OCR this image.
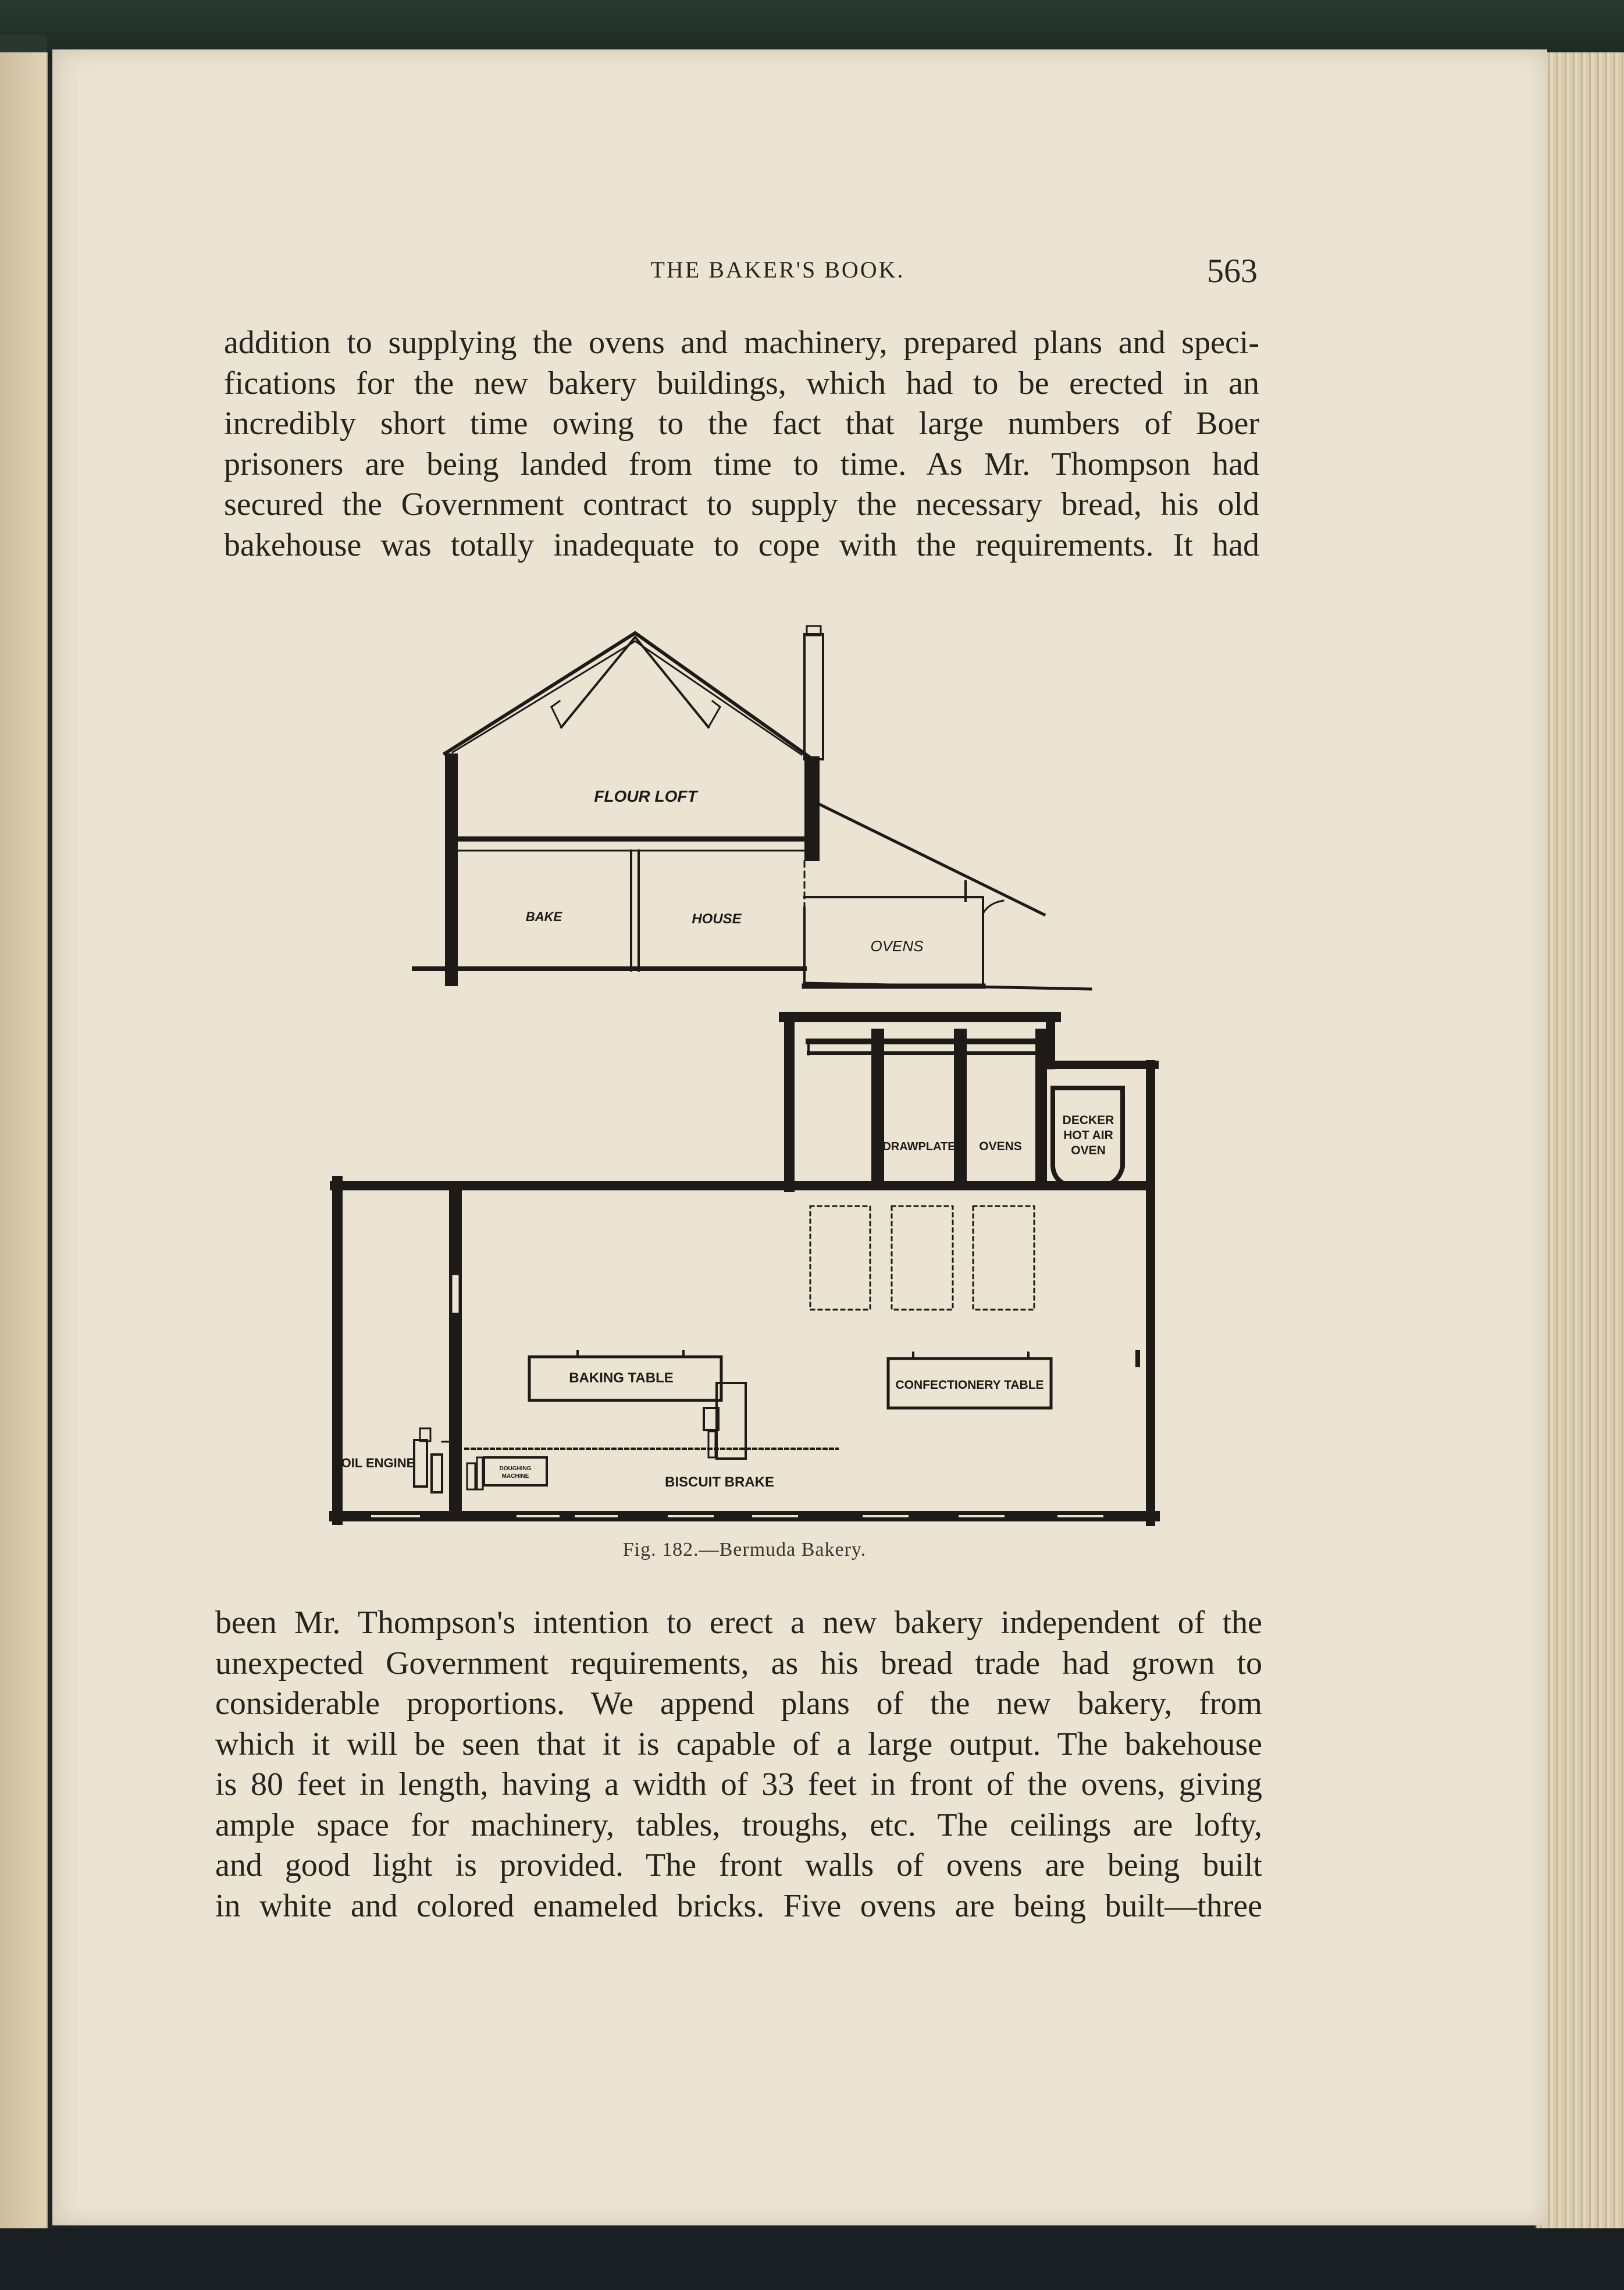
THE BAKER'S BOOK.	563
addition to supplying the ovens and machinery, prepared plans and speci-
fications for the new bakery buildings, which had to be erected in an
incredibly short time owing to the fact that large numbers of Boer
prisoners are being landed from time to time. As Mr. Thompson had
secured the Government contract to supply the necessary bread, his old
bakehouse was totally inadequate to cope with the requirements. It had
FLOUR LOFT
BAKE	HOUSE
OVENS
DRAWPLATE OVENS
DECKER
HOT AIR
OVEN
BAKING TABLE	CONFECTIONERY TABLE
OIL ENGINE	DOUGHING
MACHINE	BISCUIT BRAKE
Fig. 182.—Bermuda Bakery.
been Mr. Thompson's intention to erect a new bakery independent of the
unexpected Government requirements, as his bread trade had grown to
considerable proportions. We append plans of the new bakery, from
which it will be seen that it is capable of a large output. The bakehouse
is 80 feet in length, having a width of 33 feet in front of the ovens, giving
ample space for machinery, tables, troughs, etc. The ceilings are lofty,
and good light is provided. The front walls of ovens are being built
in white and colored enameled bricks. Five ovens are being built—three
